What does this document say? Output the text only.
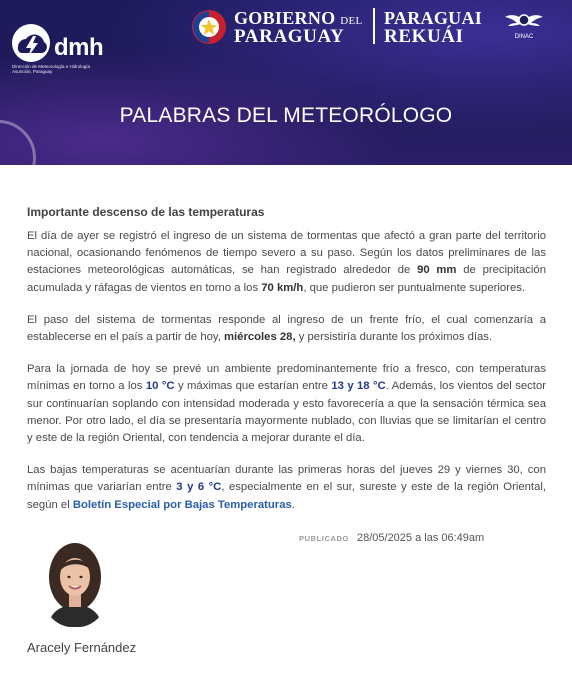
dmh
Dirección de Meteorología e Hidrología
Asunción, Paraguay
GOBIERNO DEL
PARAGUAY
PARAGUAI
REKUÁI	DINAC
PALABRAS DEL METEORÓLOGO

Importante descenso de las temperaturas

El día de ayer se registró el ingreso de un sistema de tormentas que afectó a gran parte del territorio nacional, ocasionando fenómenos de tiempo severo a su paso. Según los datos preliminares de las estaciones meteorológicas automáticas, se han registrado alrededor de 90 mm de precipitación acumulada y ráfagas de vientos en torno a los 70 km/h, que pudieron ser puntualmente superiores.

El paso del sistema de tormentas responde al ingreso de un frente frío, el cual comenzaría a establecerse en el país a partir de hoy, miércoles 28, y persistiría durante los próximos días.

Para la jornada de hoy se prevé un ambiente predominantemente frío a fresco, con temperaturas mínimas en torno a los 10 °C y máximas que estarían entre 13 y 18 °C. Además, los vientos del sector sur continuarían soplando con intensidad moderada y esto favorecería a que la sensación térmica sea menor. Por otro lado, el día se presentaría mayormente nublado, con lluvias que se limitarían el centro y este de la región Oriental, con tendencia a mejorar durante el día.

Las bajas temperaturas se acentuarían durante las primeras horas del jueves 29 y viernes 30, con mínimas que variarían entre 3 y 6 °C, especialmente en el sur, sureste y este de la región Oriental, según el Boletín Especial por Bajas Temperaturas.

PUBLICADO 28/05/2025 a las 06:49am
Aracely Fernández
